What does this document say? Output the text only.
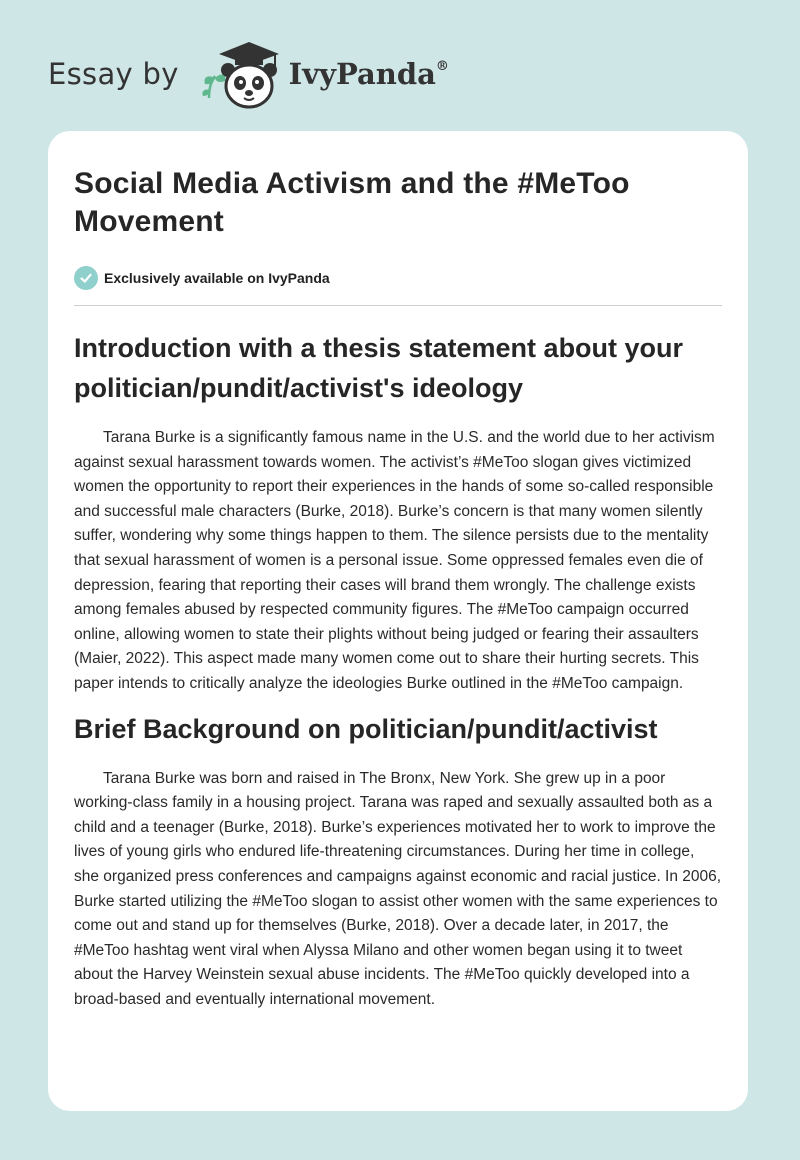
Essay by	IvyPanda®
Social Media Activism and the #MeToo Movement
Exclusively available on IvyPanda
Introduction with a thesis statement about your politician/pundit/activist's ideology

Tarana Burke is a significantly famous name in the U.S. and the world due to her activism against sexual harassment towards women. The activist’s #MeToo slogan gives victimized women the opportunity to report their experiences in the hands of some so-called responsible and successful male characters (Burke, 2018). Burke’s concern is that many women silently suffer, wondering why some things happen to them. The silence persists due to the mentality that sexual harassment of women is a personal issue. Some oppressed females even die of depression, fearing that reporting their cases will brand them wrongly. The challenge exists among females abused by respected community figures. The #MeToo campaign occurred online, allowing women to state their plights without being judged or fearing their assaulters (Maier, 2022). This aspect made many women come out to share their hurting secrets. This paper intends to critically analyze the ideologies Burke outlined in the #MeToo campaign.

Brief Background on politician/pundit/activist

Tarana Burke was born and raised in The Bronx, New York. She grew up in a poor working-class family in a housing project. Tarana was raped and sexually assaulted both as a child and a teenager (Burke, 2018). Burke’s experiences motivated her to work to improve the lives of young girls who endured life-threatening circumstances. During her time in college, she organized press conferences and campaigns against economic and racial justice. In 2006, Burke started utilizing the #MeToo slogan to assist other women with the same experiences to come out and stand up for themselves (Burke, 2018). Over a decade later, in 2017, the #MeToo hashtag went viral when Alyssa Milano and other women began using it to tweet about the Harvey Weinstein sexual abuse incidents. The #MeToo quickly developed into a broad-based and eventually international movement.
